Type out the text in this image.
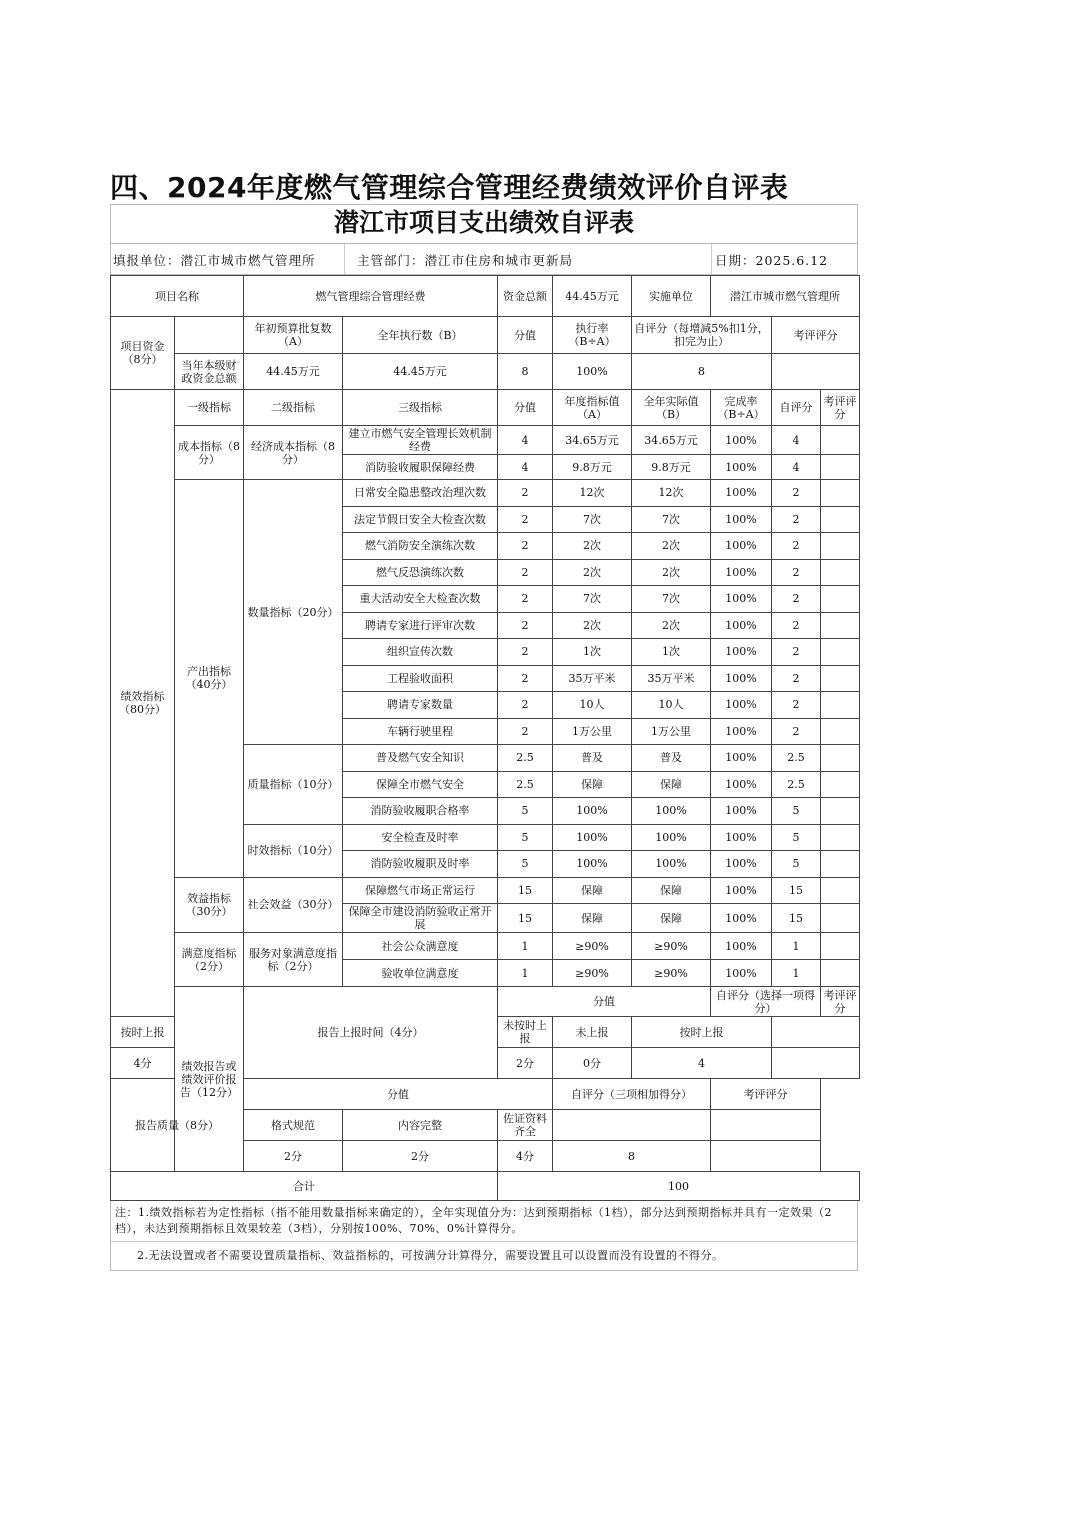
四、2024年度燃气管理综合管理经费绩效评价自评表
潜江市项目支出绩效自评表
填报单位：潜江市城市燃气管理所	主管部门：潜江市住房和城市更新局	日期：2025.6.12
项目名称		燃气管理综合管理经费		资金总额	44.45万元	实施单位	潜江市城市燃气管理所			
项目资金（8分）		年初预算批复数（A）	全年执行数（B）	分值	执行率（B÷A）	自评分（每增减5%扣1分，扣完为止）		考评评分		
	当年本级财政资金总额	44.45万元	44.45万元	8	100%	8				
绩效指标（80分）	一级指标	二级指标	三级指标	分值	年度指标值（A）	全年实际值（B）	完成率（B÷A）	自评分	考评评分	
	成本指标（8分）	经济成本指标（8分）	建立市燃气安全管理长效机制经费	4	34.65万元	34.65万元	100%	4		
			消防验收履职保障经费	4	9.8万元	9.8万元	100%	4		
	产出指标（40分）	数量指标（20分）	日常安全隐患整改治理次数	2	12次	12次	100%	2		
			法定节假日安全大检查次数	2	7次	7次	100%	2		
			燃气消防安全演练次数	2	2次	2次	100%	2		
			燃气反恐演练次数	2	2次	2次	100%	2		
			重大活动安全大检查次数	2	7次	7次	100%	2		
			聘请专家进行评审次数	2	2次	2次	100%	2		
			组织宣传次数	2	1次	1次	100%	2		
			工程验收面积	2	35万平米	35万平米	100%	2		
			聘请专家数量	2	10人	10人	100%	2		
			车辆行驶里程	2	1万公里	1万公里	100%	2		
		质量指标（10分）	普及燃气安全知识	2.5	普及	普及	100%	2.5		
			保障全市燃气安全	2.5	保障	保障	100%	2.5		
			消防验收履职合格率	5	100%	100%	100%	5		
		时效指标（10分）	安全检查及时率	5	100%	100%	100%	5		
			消防验收履职及时率	5	100%	100%	100%	5		
	效益指标（30分）	社会效益（30分）	保障燃气市场正常运行	15	保障	保障	100%	15		
			保障全市建设消防验收正常开展	15	保障	保障	100%	15		
	满意度指标（2分）	服务对象满意度指标（2分）	社会公众满意度	1	≥90%	≥90%	100%	1		
			验收单位满意度	1	≥90%	≥90%	100%	1		
	绩效报告或绩效评价报告（12分）	报告上报时间（4分）		分值			自评分（选择一项得分）		考评评分	
按时上报				未按时上报	未上报	按时上报				
4分				2分	0分	4				
报告质量（8分）		分值			自评分（三项相加得分）		考评评分			
		格式规范	内容完整	佐证资料齐全						
		2分	2分	4分	8					
合计				100						
注：1.绩效指标若为定性指标（指不能用数量指标来确定的），全年实现值分为：达到预期指标（1档），部分达到预期指标并具有一定效果（2档），未达到预期指标且效果较差（3档），分别按100%、70%、0%计算得分。
2.无法设置或者不需要设置质量指标、效益指标的，可按满分计算得分，需要设置且可以设置而没有设置的不得分。
